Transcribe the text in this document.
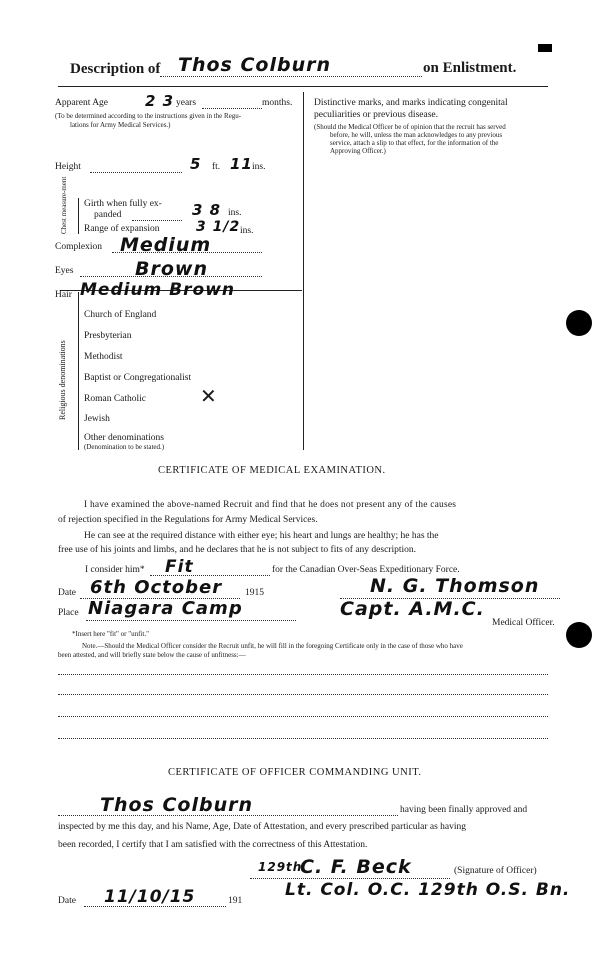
Description of Thos Colburn	on Enlistment.
Apparent Age 2 3 years	months.
(To be determined according to the instructions given in the Regu-
lations for Army Medical Services.)
Height	5 ft. 11 ins.
Chest measure-ment Girth when fully ex-
panded	3 8 ins.
Range of expansion	3 1/2 ins.
Complexion Medium
Eyes	Brown
Hair Medium Brown
Religious denominations
Church of England
Presbyterian
Methodist
Baptist or Congregationalist
Roman Catholic	✕
Jewish
Other denominations
(Denomination to be stated.)
Distinctive marks, and marks indicating congenital
peculiarities or previous disease.
(Should the Medical Officer be of opinion that the recruit has served
before, he will, unless the man acknowledges to any previous
service, attach a slip to that effect, for the information of the
Approving Officer.)
CERTIFICATE OF MEDICAL EXAMINATION.
I have examined the above-named Recruit and find that he does not present any of the causes
of rejection specified in the Regulations for Army Medical Services.
He can see at the required distance with either eye; his heart and lungs are healthy; he has the
free use of his joints and limbs, and he declares that he is not subject to fits of any description.
I consider him* Fit	for the Canadian Over-Seas Expeditionary Force.
Date 6th October 1915	N. G. Thomson
Place Niagara Camp	Capt. A.M.C.
Medical Officer.
*Insert here "fit" or "unfit."
Note.—Should the Medical Officer consider the Recruit unfit, he will fill in the foregoing Certificate only in the case of those who have
been attested, and will briefly state below the cause of unfitness:—
CERTIFICATE OF OFFICER COMMANDING UNIT.
Thos Colburn	having been finally approved and
inspected by me this day, and his Name, Age, Date of Attestation, and every prescribed particular as having
been recorded, I certify that I am satisfied with the correctness of this Attestation.
129th
C. F. Beck	(Signature of Officer)
Date 11/10/15	191
Lt. Col. O.C. 129th O.S. Bn.
